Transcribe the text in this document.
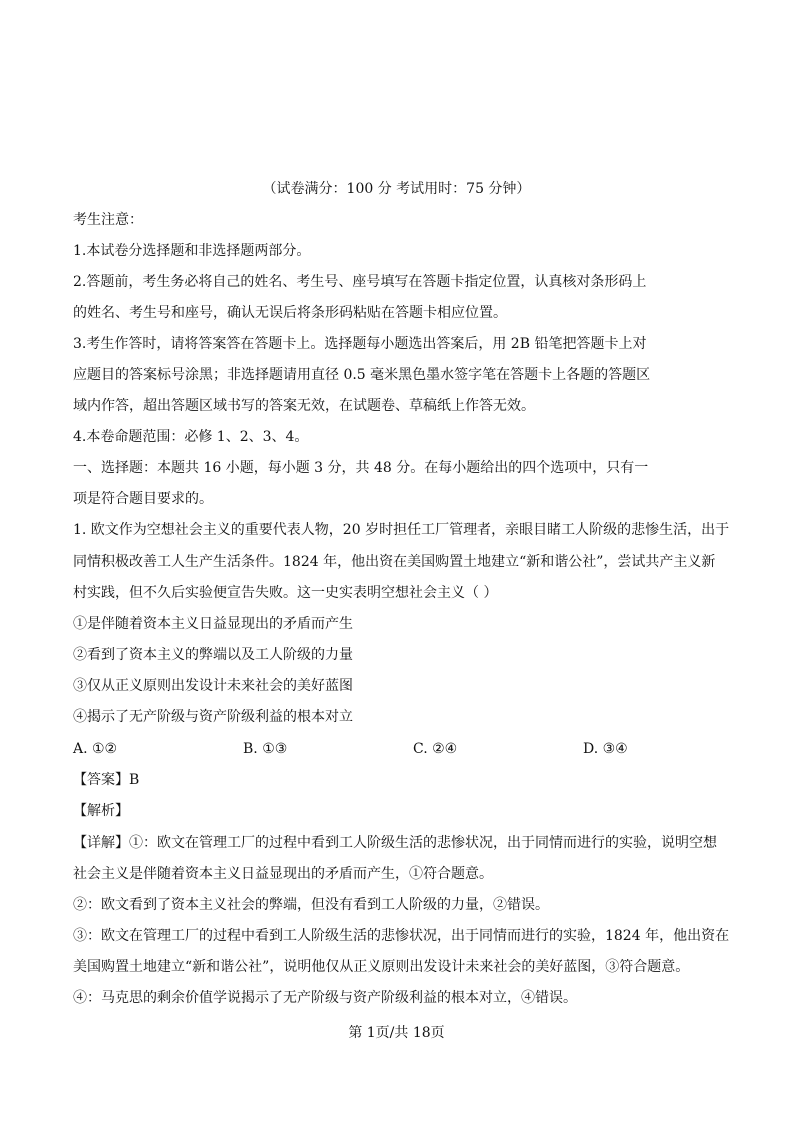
（试卷满分：100 分 考试用时：75 分钟）
考生注意：
1.本试卷分选择题和非选择题两部分。
2.答题前，考生务必将自己的姓名、考生号、座号填写在答题卡指定位置，认真核对条形码上
的姓名、考生号和座号，确认无误后将条形码粘贴在答题卡相应位置。
3.考生作答时，请将答案答在答题卡上。选择题每小题选出答案后，用 2B 铅笔把答题卡上对
应题目的答案标号涂黑；非选择题请用直径 0.5 毫米黑色墨水签字笔在答题卡上各题的答题区
域内作答，超出答题区域书写的答案无效，在试题卷、草稿纸上作答无效。
4.本卷命题范围：必修 1、2、3、4。
一、选择题：本题共 16 小题，每小题 3 分，共 48 分。在每小题给出的四个选项中，只有一
项是符合题目要求的。
1. 欧文作为空想社会主义的重要代表人物，20 岁时担任工厂管理者，亲眼目睹工人阶级的悲惨生活，出于
同情积极改善工人生产生活条件。1824 年，他出资在美国购置土地建立“新和谐公社”，尝试共产主义新
村实践，但不久后实验便宣告失败。这一史实表明空想社会主义（ ）
①是伴随着资本主义日益显现出的矛盾而产生
②看到了资本主义的弊端以及工人阶级的力量
③仅从正义原则出发设计未来社会的美好蓝图
④揭示了无产阶级与资产阶级利益的根本对立
A. ①②	B. ①③	C. ②④	D. ③④
【答案】B
【解析】
【详解】①：欧文在管理工厂的过程中看到工人阶级生活的悲惨状况，出于同情而进行的实验，说明空想
社会主义是伴随着资本主义日益显现出的矛盾而产生，①符合题意。
②：欧文看到了资本主义社会的弊端，但没有看到工人阶级的力量，②错误。
③：欧文在管理工厂的过程中看到工人阶级生活的悲惨状况，出于同情而进行的实验，1824 年，他出资在
美国购置土地建立“新和谐公社”，说明他仅从正义原则出发设计未来社会的美好蓝图，③符合题意。
④：马克思的剩余价值学说揭示了无产阶级与资产阶级利益的根本对立，④错误。
第 1页/共 18页
